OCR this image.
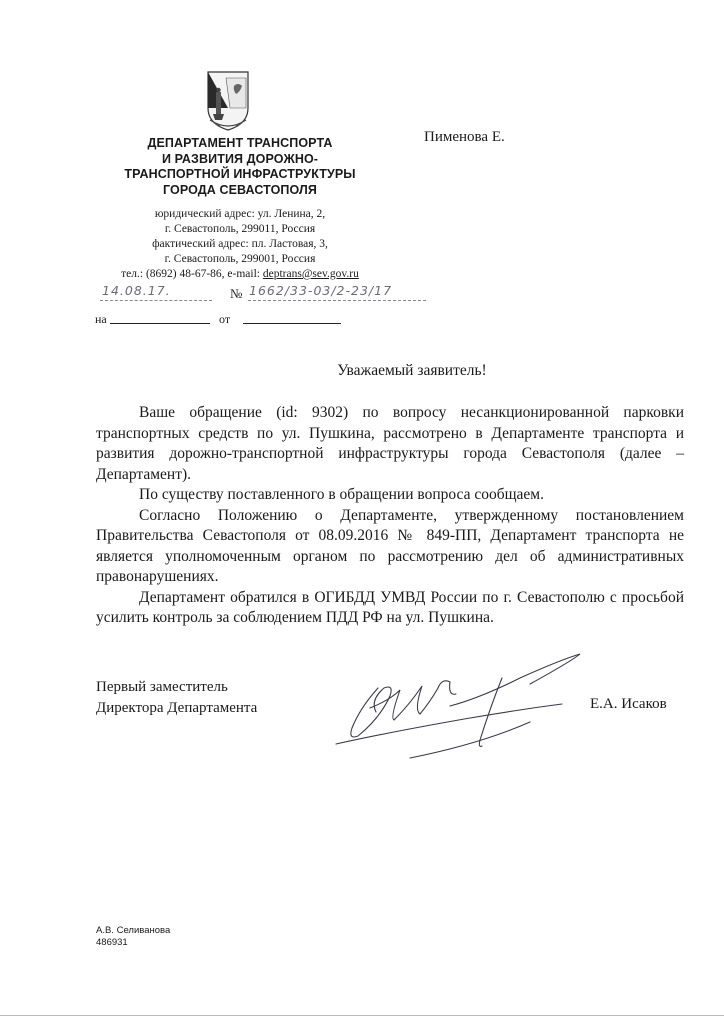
ДЕПАРТАМЕНТ ТРАНСПОРТА
И РАЗВИТИЯ ДОРОЖНО-
ТРАНСПОРТНОЙ ИНФРАСТРУКТУРЫ
ГОРОДА СЕВАСТОПОЛЯ
юридический адрес: ул. Ленина, 2,
г. Севастополь, 299011, Россия
фактический адрес: пл. Ластовая, 3,
г. Севастополь, 299001, Россия
тел.: (8692) 48-67-86, e-mail: deptrans@sev.gov.ru
Пименова Е.
14.08.17.	№ 1662/33-03/2-23/17
на	от
Уважаемый заявитель!

Ваше обращение (id: 9302) по вопросу несанкционированной парковки транспортных средств по ул. Пушкина, рассмотрено в Департаменте транспорта и развития дорожно-транспортной инфраструктуры города Севастополя (далее – Департамент).

По существу поставленного в обращении вопроса сообщаем.

Согласно Положению о Департаменте, утвержденному постановлением Правительства Севастополя от 08.09.2016 № 849-ПП, Департамент транспорта не является уполномоченным органом по рассмотрению дел об административных правонарушениях.

Департамент обратился в ОГИБДД УМВД России по г. Севастополю с просьбой усилить контроль за соблюдением ПДД РФ на ул. Пушкина.

Первый заместитель
Директора Департамента	Е.А. Исаков
А.В. Селиванова
486931
